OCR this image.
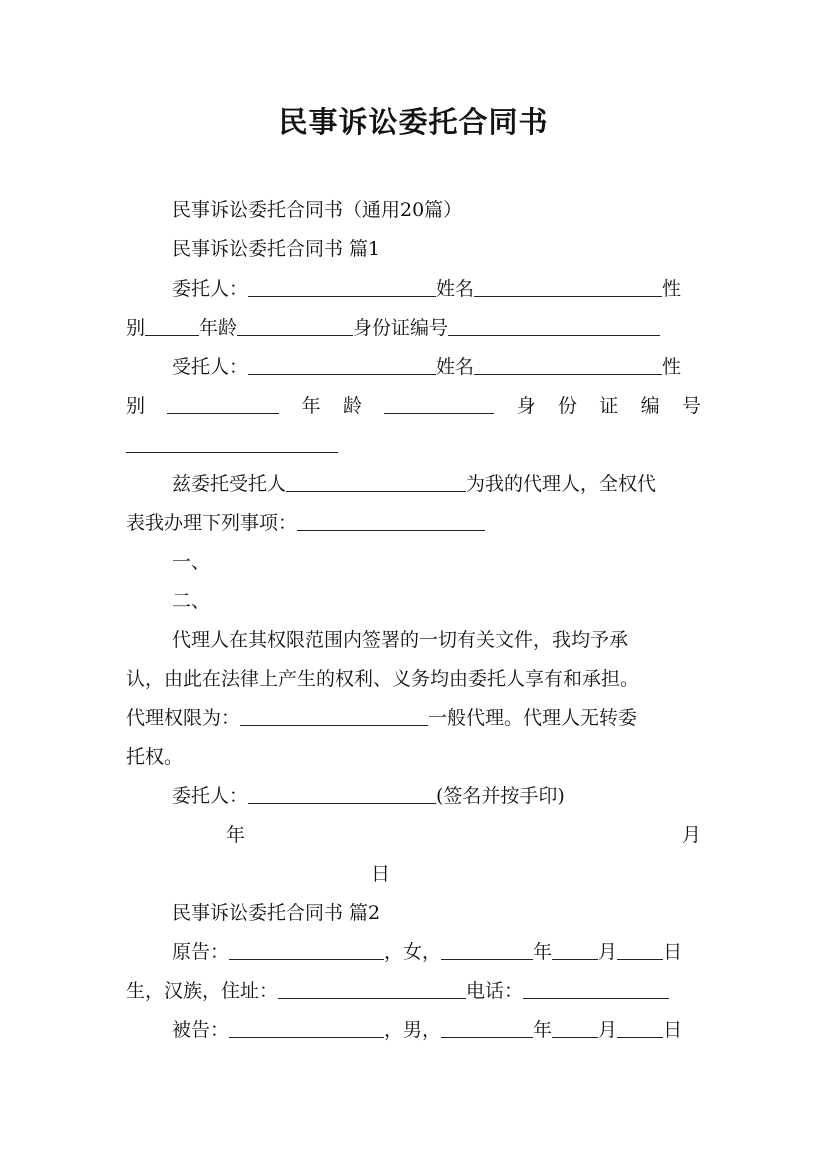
民事诉讼委托合同书
民事诉讼委托合同书（通用20篇）
民事诉讼委托合同书 篇1
委托人：	姓名	性
别	年龄	身份证编号
受托人：	姓名	性
别	年 龄	身 份 证 编 号
兹委托受托人	为我的代理人，全权代
表我办理下列事项：
一、
二、
代理人在其权限范围内签署的一切有关文件，我均予承
认，由此在法律上产生的权利、义务均由委托人享有和承担。
代理权限为：	一般代理。代理人无转委
托权。
委托人：	(签名并按手印)
年	月
日
民事诉讼委托合同书 篇2
原告：	，女，	年 月 日
生，汉族，住址：	电话：
被告：	，男，	年 月 日
